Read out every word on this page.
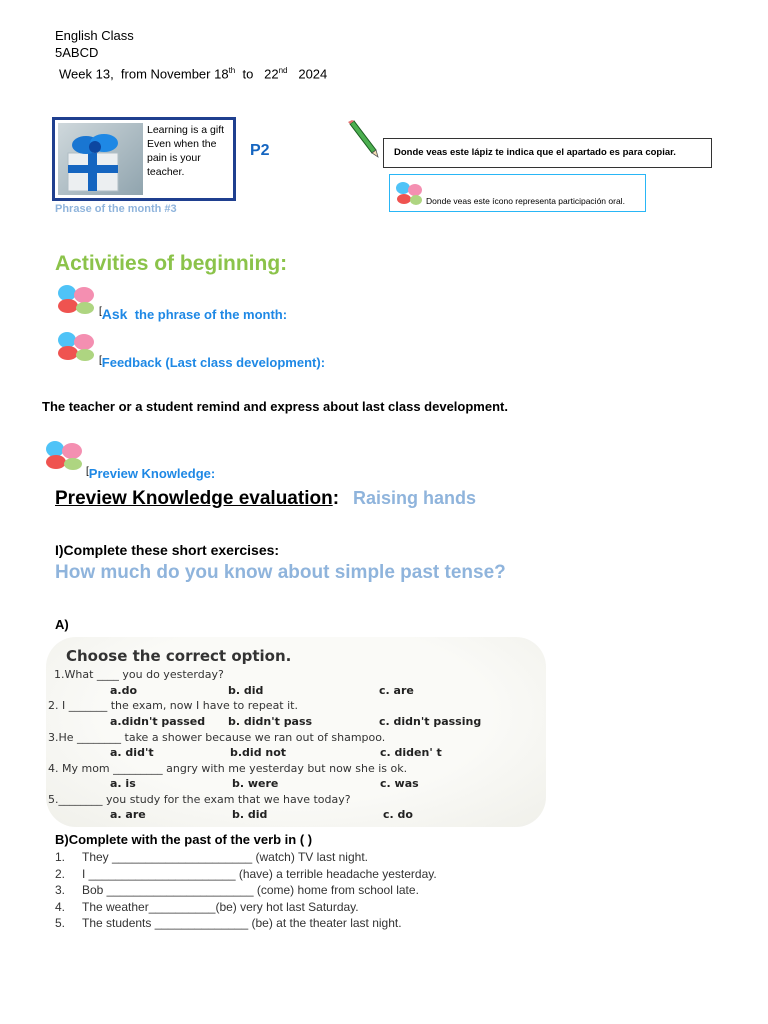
English Class
5ABCD
Week 13,  from November 18th  to   22nd   2024
Learning is a gift Even when the pain is your teacher.
Phrase of the month #3
P2	Donde veas este lápiz te indica que el apartado es para copiar.
Donde veas este ícono representa participación oral.
Activities of beginning:
[Ask  the phrase of the month:
[Feedback (Last class development):
The teacher or a student remind and express about last class development.
[Preview Knowledge:
Preview Knowledge evaluation: Raising hands
I)Complete these short exercises:
How much do you know about simple past tense?
A)
Choose the correct option.
1.What ____ you do yesterday?
a.do	b. did	c. are
2. I _______ the exam, now I have to repeat it.
a.didn't passed b. didn't pass	c. didn't passing
3.He ________ take a shower because we ran out of shampoo.
a. did't	b.did not	c. diden' t
4. My mom _________ angry with me yesterday but now she is ok.
a. is	b. were	c. was
5.________ you study for the exam that we have today?
a. are	b. did	c. do
B)Complete with the past of the verb in ( )
1. They _____________________ (watch) TV last night.
2. I ______________________ (have) a terrible headache yesterday.
3. Bob ______________________ (come) home from school late.
4. The weather__________(be) very hot last Saturday.
5. The students ______________ (be) at the theater last night.
